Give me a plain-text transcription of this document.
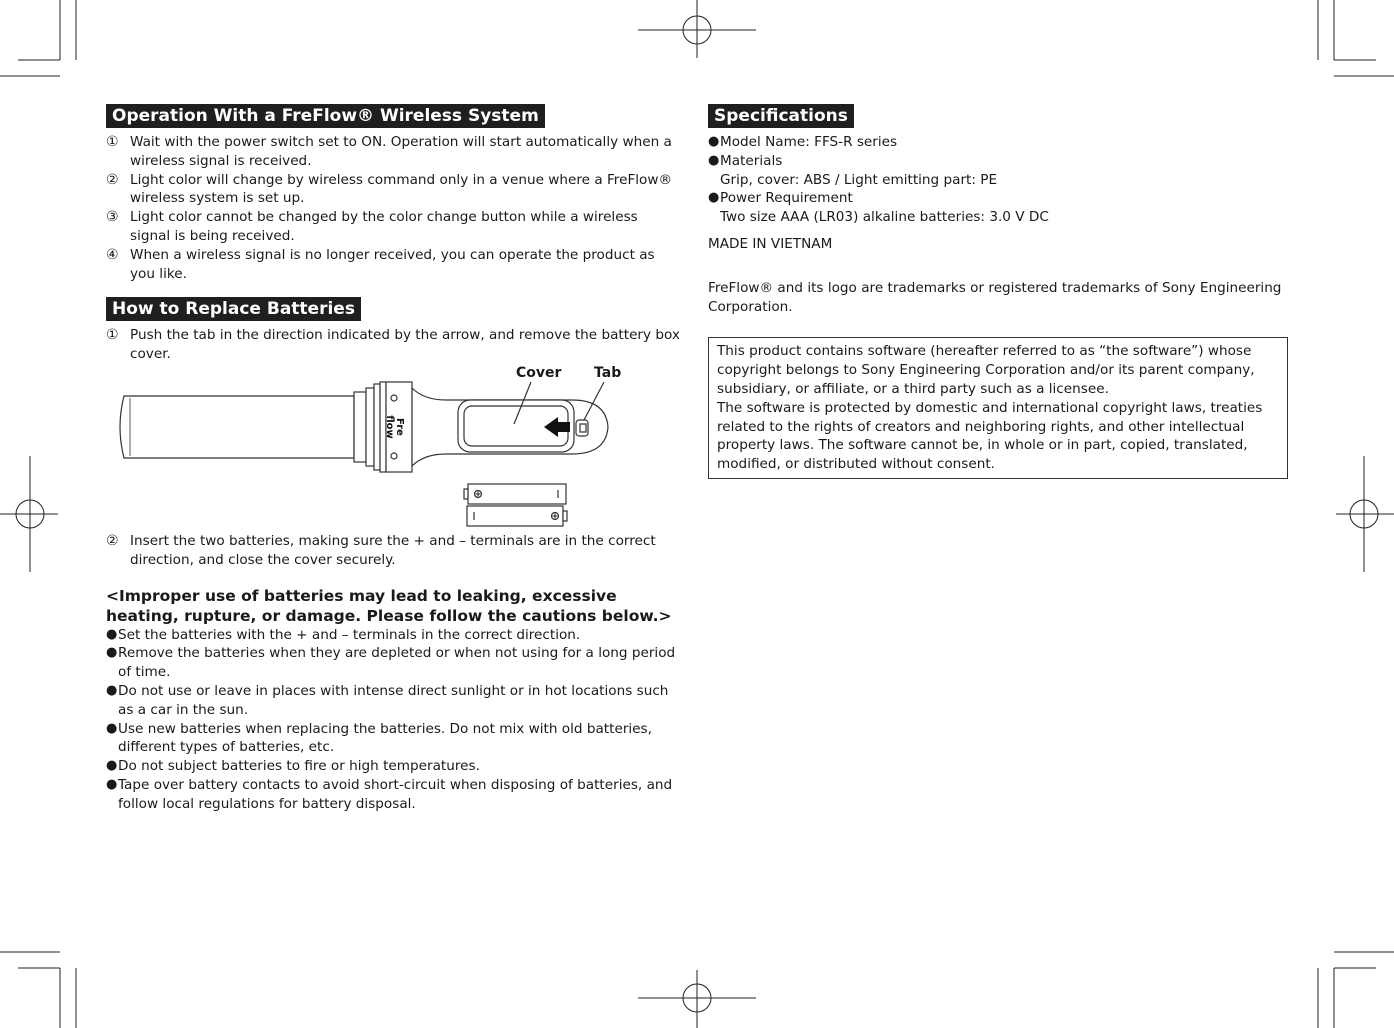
Operation With a FreFlow® Wireless System
① Wait with the power switch set to ON. Operation will start automatically when a wireless signal is received.
② Light color will change by wireless command only in a venue where a FreFlow® wireless system is set up.
③ Light color cannot be changed by the color change button while a wireless signal is being received.
④ When a wireless signal is no longer received, you can operate the product as you like.
How to Replace Batteries
① Push the tab in the direction indicated by the arrow, and remove the battery box cover.
Cover Tab
Fre
flow
② Insert the two batteries, making sure the + and – terminals are in the correct direction, and close the cover securely.
<Improper use of batteries may lead to leaking, excessive heating, rupture, or damage. Please follow the cautions below.>
● Set the batteries with the + and – terminals in the correct direction.
● Remove the batteries when they are depleted or when not using for a long period of time.
● Do not use or leave in places with intense direct sunlight or in hot locations such as a car in the sun.
● Use new batteries when replacing the batteries. Do not mix with old batteries, different types of batteries, etc.
● Do not subject batteries to fire or high temperatures.
● Tape over battery contacts to avoid short-circuit when disposing of batteries, and follow local regulations for battery disposal.
Specifications
● Model Name: FFS-R series
● Materials
Grip, cover: ABS / Light emitting part: PE
● Power Requirement
Two size AAA (LR03) alkaline batteries: 3.0 V DC

MADE IN VIETNAM

FreFlow® and its logo are trademarks or registered trademarks of Sony Engineering Corporation.

This product contains software (hereafter referred to as “the software”) whose copyright belongs to Sony Engineering Corporation and/or its parent company, subsidiary, or affiliate, or a third party such as a licensee.
The software is protected by domestic and international copyright laws, treaties related to the rights of creators and neighboring rights, and other intellectual property laws. The software cannot be, in whole or in part, copied, translated, modified, or distributed without consent.
